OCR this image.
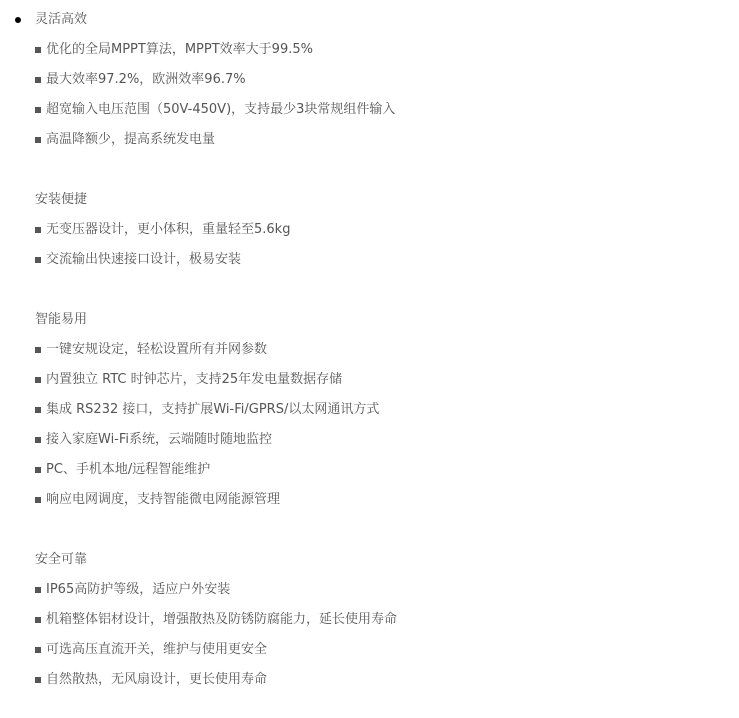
灵活高效
优化的全局MPPT算法，MPPT效率大于99.5%
最大效率97.2%，欧洲效率96.7%
超宽输入电压范围（50V-450V)，支持最少3块常规组件输入
高温降额少，提高系统发电量
安装便捷
无变压器设计，更小体积，重量轻至5.6kg
交流输出快速接口设计，极易安装
智能易用
一键安规设定，轻松设置所有并网参数
内置独立 RTC 时钟芯片，支持25年发电量数据存储
集成 RS232 接口，支持扩展Wi-Fi/GPRS/以太网通讯方式
接入家庭Wi-Fi系统，云端随时随地监控
PC、手机本地/远程智能维护
响应电网调度，支持智能微电网能源管理
安全可靠
IP65高防护等级，适应户外安装
机箱整体铝材设计，增强散热及防锈防腐能力，延长使用寿命
可选高压直流开关，维护与使用更安全
自然散热，无风扇设计，更长使用寿命
